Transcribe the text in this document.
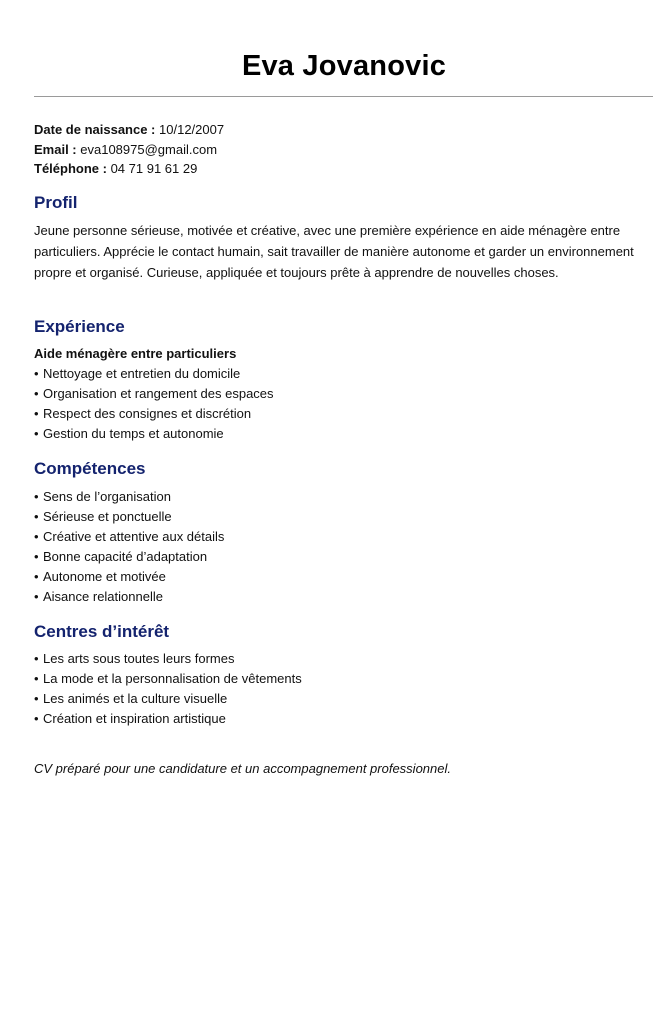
Eva Jovanovic
Date de naissance : 10/12/2007
Email : eva108975@gmail.com
Téléphone : 04 71 91 61 29
Profil
Jeune personne sérieuse, motivée et créative, avec une première expérience en aide ménagère entre particuliers. Apprécie le contact humain, sait travailler de manière autonome et garder un environnement propre et organisé. Curieuse, appliquée et toujours prête à apprendre de nouvelles choses.
Expérience
Aide ménagère entre particuliers
• Nettoyage et entretien du domicile
• Organisation et rangement des espaces
• Respect des consignes et discrétion
• Gestion du temps et autonomie
Compétences
• Sens de l’organisation
• Sérieuse et ponctuelle
• Créative et attentive aux détails
• Bonne capacité d’adaptation
• Autonome et motivée
• Aisance relationnelle
Centres d’intérêt
• Les arts sous toutes leurs formes
• La mode et la personnalisation de vêtements
• Les animés et la culture visuelle
• Création et inspiration artistique
CV préparé pour une candidature et un accompagnement professionnel.
